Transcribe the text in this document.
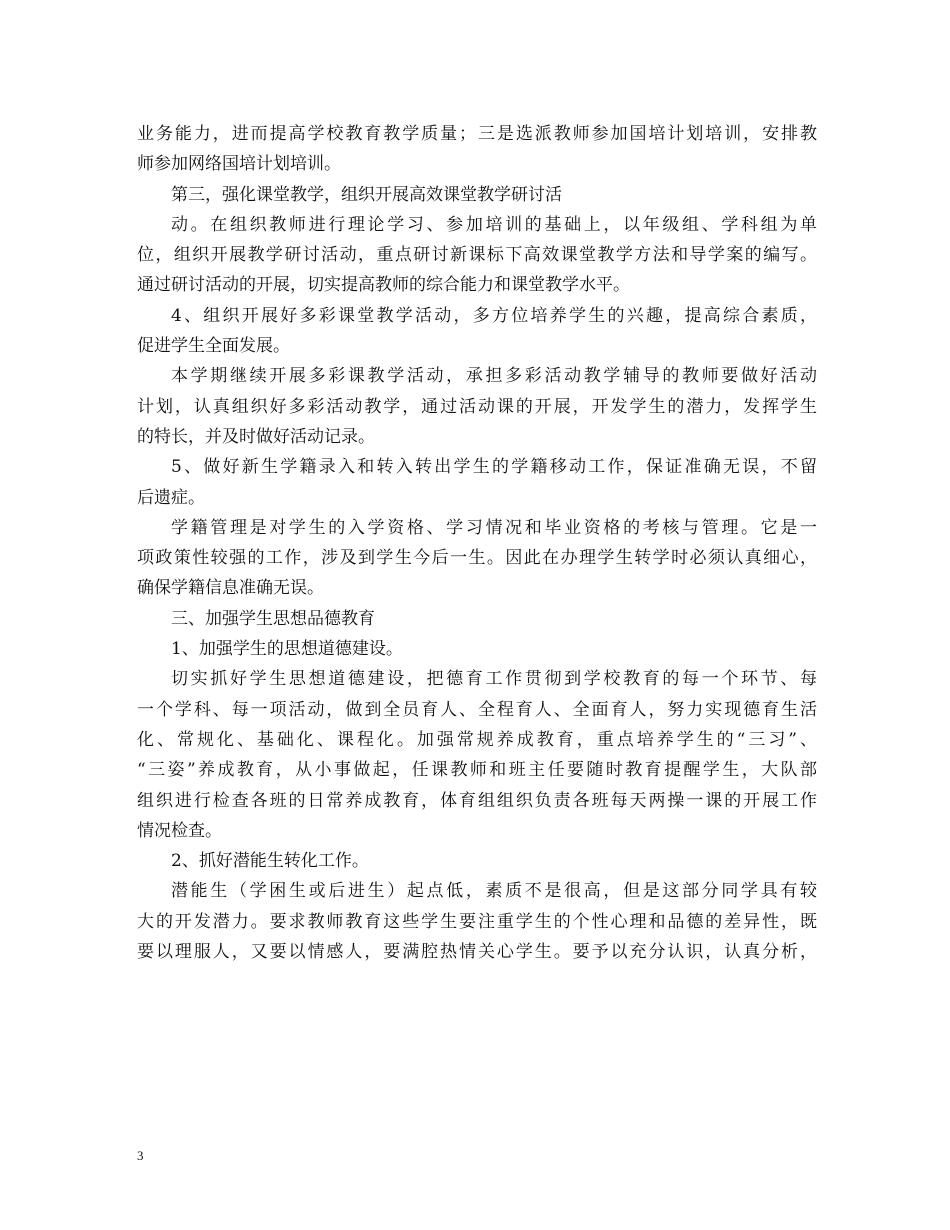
业务能力，进而提高学校教育教学质量；三是选派教师参加国培计划培训，安排教
师参加网络国培计划培训。
第三，强化课堂教学，组织开展高效课堂教学研讨活
动。在组织教师进行理论学习、参加培训的基础上，以年级组、学科组为单
位，组织开展教学研讨活动，重点研讨新课标下高效课堂教学方法和导学案的编写。
通过研讨活动的开展，切实提高教师的综合能力和课堂教学水平。
4、组织开展好多彩课堂教学活动，多方位培养学生的兴趣，提高综合素质，
促进学生全面发展。
本学期继续开展多彩课教学活动，承担多彩活动教学辅导的教师要做好活动
计划，认真组织好多彩活动教学，通过活动课的开展，开发学生的潜力，发挥学生
的特长，并及时做好活动记录。
5、做好新生学籍录入和转入转出学生的学籍移动工作，保证准确无误，不留
后遗症。
学籍管理是对学生的入学资格、学习情况和毕业资格的考核与管理。它是一
项政策性较强的工作，涉及到学生今后一生。因此在办理学生转学时必须认真细心，
确保学籍信息准确无误。
三、加强学生思想品德教育
1、加强学生的思想道德建设。
切实抓好学生思想道德建设，把德育工作贯彻到学校教育的每一个环节、每
一个学科、每一项活动，做到全员育人、全程育人、全面育人，努力实现德育生活
化、常规化、基础化、课程化。加强常规养成教育，重点培养学生的“三习”、
“三姿”养成教育，从小事做起，任课教师和班主任要随时教育提醒学生，大队部
组织进行检查各班的日常养成教育，体育组组织负责各班每天两操一课的开展工作
情况检查。
2、抓好潜能生转化工作。
潜能生（学困生或后进生）起点低，素质不是很高，但是这部分同学具有较
大的开发潜力。要求教师教育这些学生要注重学生的个性心理和品德的差异性，既
要以理服人，又要以情感人，要满腔热情关心学生。要予以充分认识，认真分析，
3
